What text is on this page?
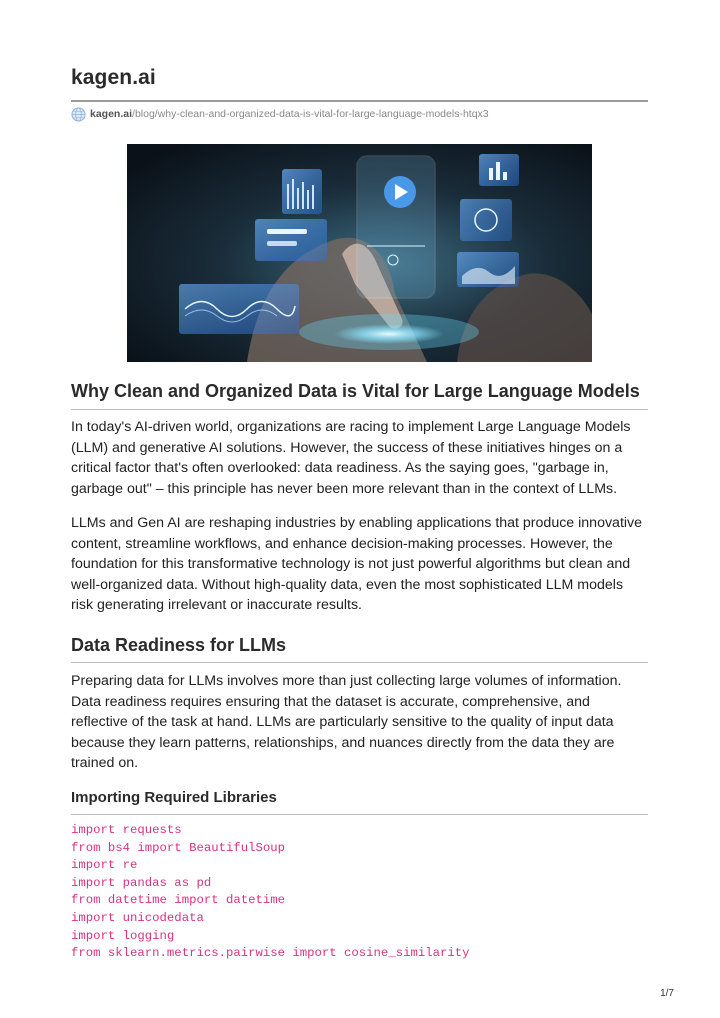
kagen.ai
kagen.ai /blog/why-clean-and-organized-data-is-vital-for-large-language-models-htqx3
Why Clean and Organized Data is Vital for Large Language Models

In today's AI-driven world, organizations are racing to implement Large Language Models (LLM) and generative AI solutions. However, the success of these initiatives hinges on a critical factor that's often overlooked: data readiness. As the saying goes, "garbage in, garbage out" – this principle has never been more relevant than in the context of LLMs.

LLMs and Gen AI are reshaping industries by enabling applications that produce innovative content, streamline workflows, and enhance decision-making processes. However, the foundation for this transformative technology is not just powerful algorithms but clean and well-organized data. Without high-quality data, even the most sophisticated LLM models risk generating irrelevant or inaccurate results.

Data Readiness for LLMs

Preparing data for LLMs involves more than just collecting large volumes of information. Data readiness requires ensuring that the dataset is accurate, comprehensive, and reflective of the task at hand. LLMs are particularly sensitive to the quality of input data because they learn patterns, relationships, and nuances directly from the data they are trained on.

Importing Required Libraries
import requests
from bs4 import BeautifulSoup
import re
import pandas as pd
from datetime import datetime
import unicodedata
import logging
from sklearn.metrics.pairwise import cosine_similarity
1/7
